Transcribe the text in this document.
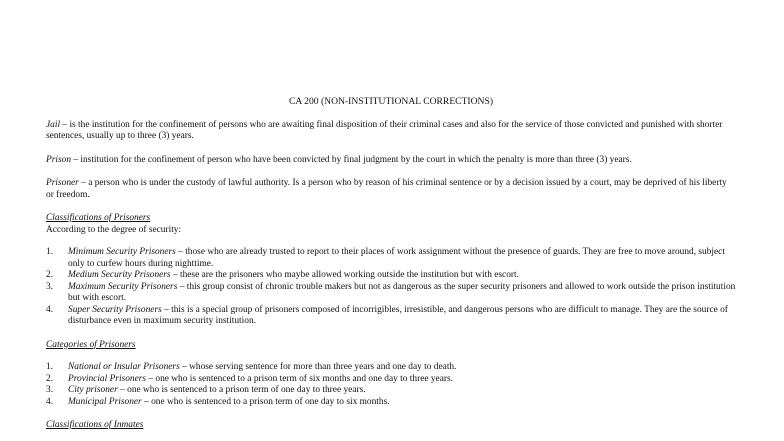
CA 200 (NON-INSTITUTIONAL CORRECTIONS)

Jail – is the institution for the confinement of persons who are awaiting final disposition of their criminal cases and also for the service of those convicted and punished with shorter sentences, usually up to three (3) years.

Prison – institution for the confinement of person who have been convicted by final judgment by the court in which the penalty is more than three (3) years.

Prisoner – a person who is under the custody of lawful authority. Is a person who by reason of his criminal sentence or by a decision issued by a court, may be deprived of his liberty or freedom.

Classifications of Prisoners

According to the degree of security:

1. Minimum Security Prisoners – those who are already trusted to report to their places of work assignment without the presence of guards. They are free to move around, subject only to curfew hours during nighttime.
2. Medium Security Prisoners – these are the prisoners who maybe allowed working outside the institution but with escort.
3. Maximum Security Prisoners – this group consist of chronic trouble makers but not as dangerous as the super security prisoners and allowed to work outside the prison institution but with escort.
4. Super Security Prisoners – this is a special group of prisoners composed of incorrigibles, irresistible, and dangerous persons who are difficult to manage. They are the source of disturbance even in maximum security institution.

Categories of Prisoners

1. National or Insular Prisoners – whose serving sentence for more than three years and one day to death.
2. Provincial Prisoners – one who is sentenced to a prison term of six months and one day to three years.
3. City prisoner – one who is sentenced to a prison term of one day to three years.
4. Municipal Prisoner – one who is sentenced to a prison term of one day to six months.

Classifications of Inmates
